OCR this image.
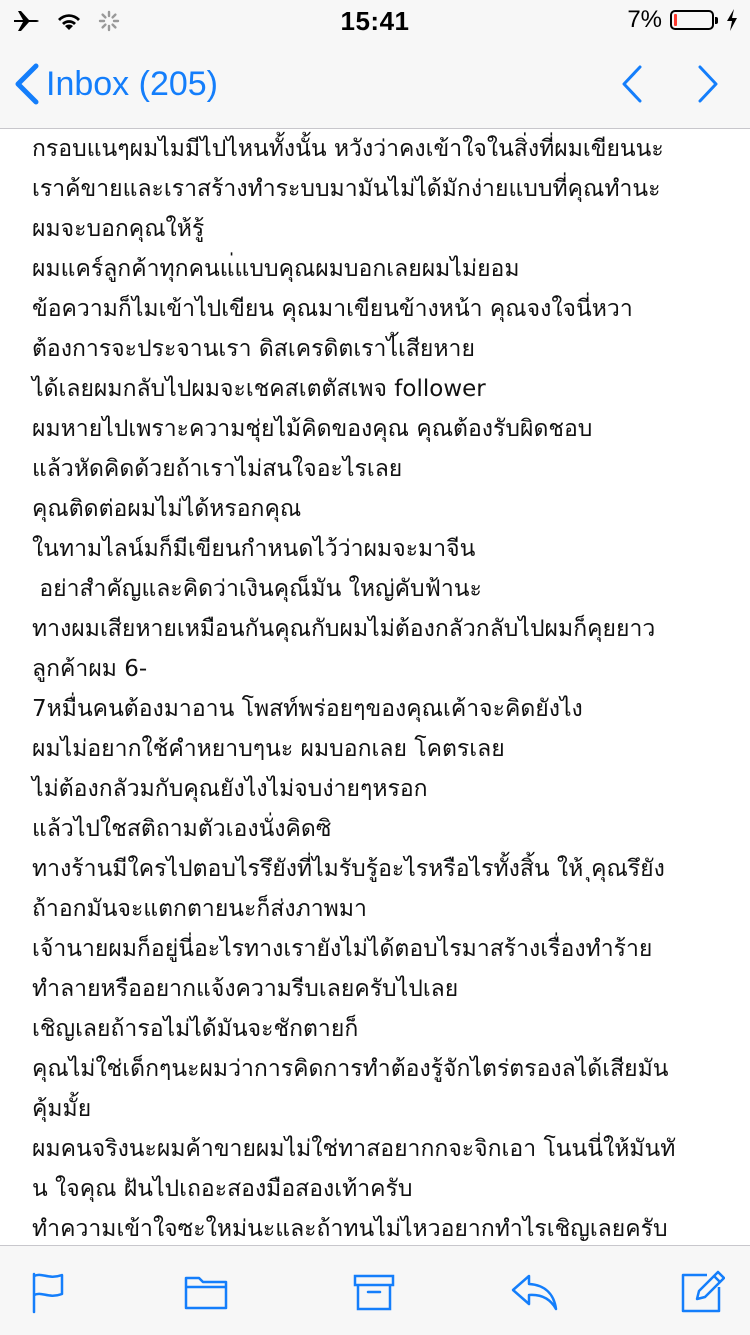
15:41	7%
Inbox (205)
กรอบแนๆผมไมมีไปไหนทั้งนั้น หวังว่าคงเข้าใจในสิ่งที่ผมเขียนนะ
เราค้ขายและเราสร้างทำระบบมามันไม่ได้มักง่ายแบบที่คุณทำนะ
ผมจะบอกคุณให้รู้
ผมแคร์ลูกค้าทุกคนแ่แบบคุณผมบอกเลยผมไม่ยอม
ข้อความก็ไมเข้าไปเขียน คุณมาเขียนข้างหน้า คุณจงใจนี่หวา
ต้องการจะประจานเรา ดิสเครดิตเราไ้เสียหาย
ได้เลยผมกลับไปผมจะเชคสเตตัสเพจ follower
ผมหายไปเพราะความชุ่ยไม้คิดของคุณ คุณต้องรับผิดชอบ
แล้วหัดคิดด้วยถ้าเราไม่สนใจอะไรเลย
คุณติดต่อผมไม่ได้หรอกคุณ
ในทามไลน์มก็มีเขียนกำหนดไว้ว่าผมจะมาจีน
อย่าสำคัญและคิดว่าเงินคุณ็มัน ใหญ่คับฟ้านะ
ทางผมเสียหายเหมือนกันคุณกับผมไม่ต้องกลัวกลับไปผมก็คุยยาว
ลูกค้าผม 6-
7หมื่นคนต้องมาอาน โพสท์พร่อยๆของคุณเค้าจะคิดยังไง
ผมไม่อยากใช้คำหยาบๆนะ ผมบอกเลย โคตรเลย
ไม่ต้องกลัวมกับคุณยังไงไม่จบง่ายๆหรอก
แล้วไปใชสติถามตัวเองนั่งคิดซิ
ทางร้านมีใครไปตอบไรรึยังที่ไมรับรู้อะไรหรือไรทั้งสิ้น ให้ ุคุณรึยัง
ถ้าอกมันจะแตกตายนะก็ส่งภาพมา
เจ้านายผมก็อยู่นี่อะไรทางเรายังไม่ได้ตอบไรมาสร้างเรื่องทำร้าย
ทำลายหรืออยากแจ้งความรีบเลยครับไปเลย
เชิญเลยถ้ารอไม่ได้มันจะชักตายก็
คุณไม่ใช่เด็กๆนะผมว่าการคิดการทำต้องรู้จักไตร่ตรองลได้เสียมัน
คุ้มมั้ย
ผมคนจริงนะผมค้าขายผมไม่ใช่ทาสอยากกจะจิกเอา โนนนี่ให้มันทั
น ใจคุณ ฝันไปเถอะสองมือสองเท้าครับ
ทำความเข้าใจซะใหม่นะและถ้าทนไม่ไหวอยากทำไรเชิญเลยครับ
